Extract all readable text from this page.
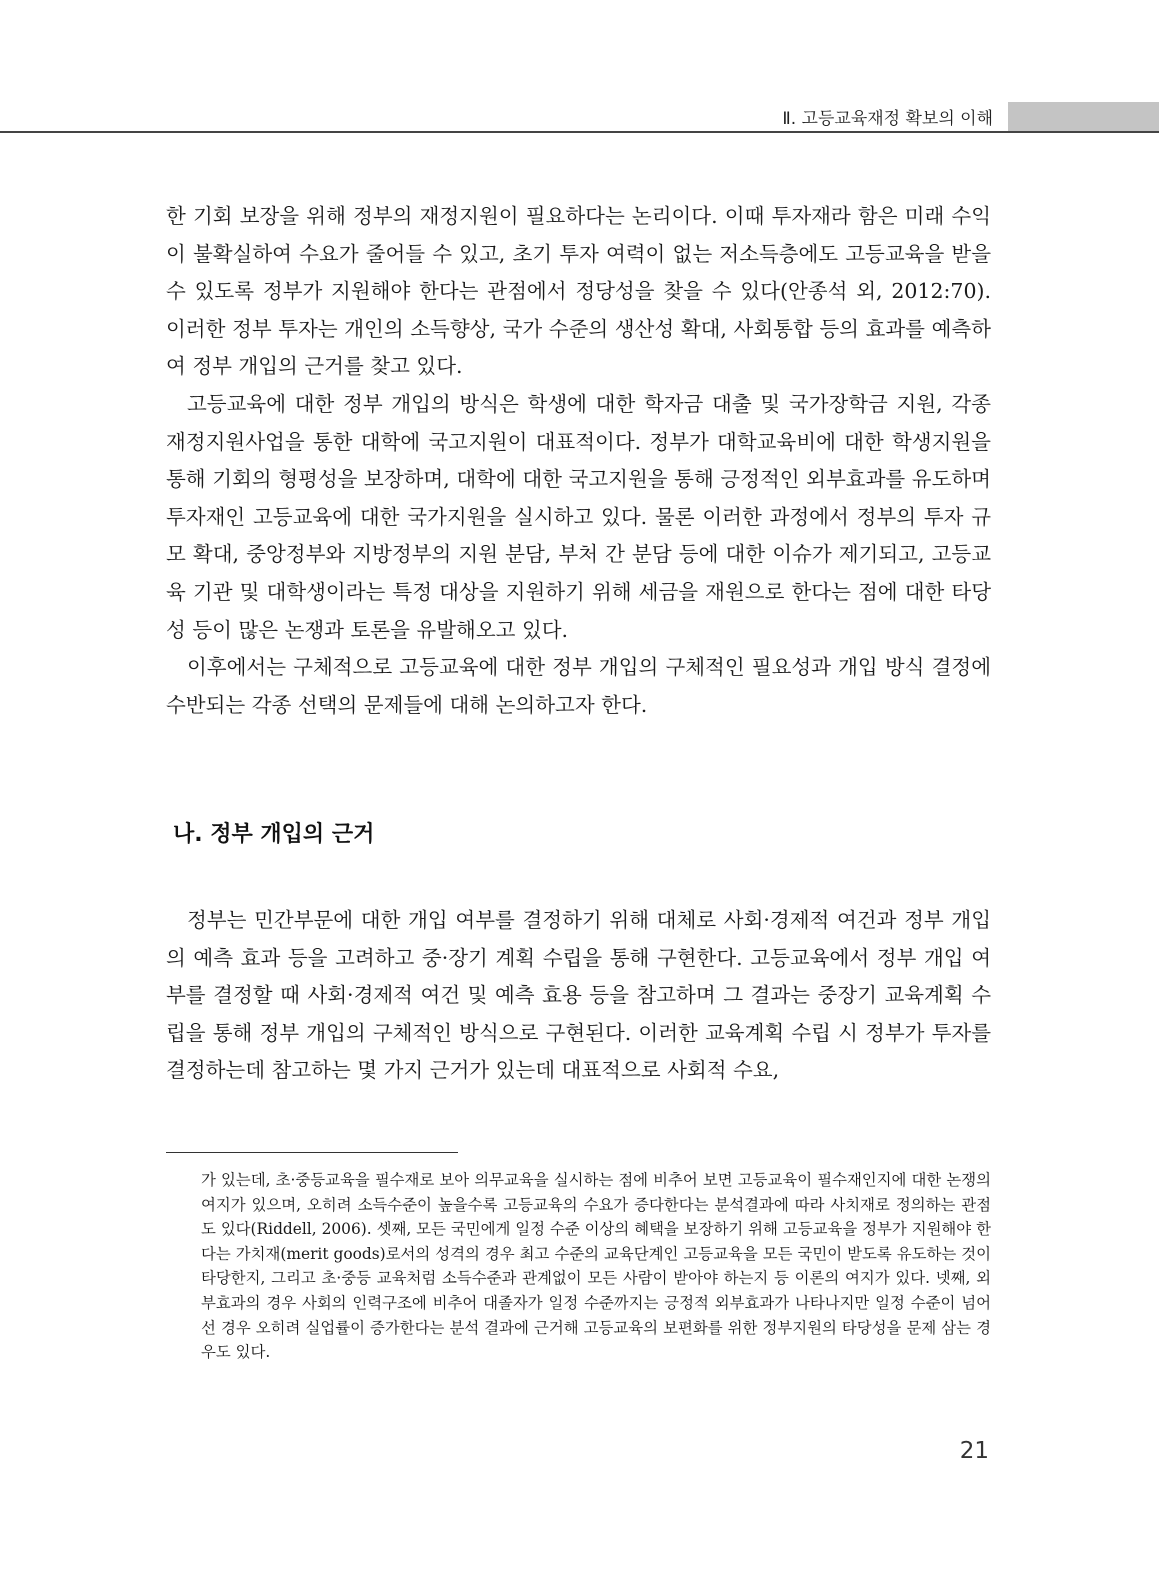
Ⅱ. 고등교육재정 확보의 이해

한 기회 보장을 위해 정부의 재정지원이 필요하다는 논리이다. 이때 투자재라 함은 미래 수익이 불확실하여 수요가 줄어들 수 있고, 초기 투자 여력이 없는 저소득층에도 고등교육을 받을 수 있도록 정부가 지원해야 한다는 관점에서 정당성을 찾을 수 있다(안종석 외, 2012:70). 이러한 정부 투자는 개인의 소득향상, 국가 수준의 생산성 확대, 사회통합 등의 효과를 예측하여 정부 개입의 근거를 찾고 있다.

고등교육에 대한 정부 개입의 방식은 학생에 대한 학자금 대출 및 국가장학금 지원, 각종 재정지원사업을 통한 대학에 국고지원이 대표적이다. 정부가 대학교육비에 대한 학생지원을 통해 기회의 형평성을 보장하며, 대학에 대한 국고지원을 통해 긍정적인 외부효과를 유도하며 투자재인 고등교육에 대한 국가지원을 실시하고 있다. 물론 이러한 과정에서 정부의 투자 규모 확대, 중앙정부와 지방정부의 지원 분담, 부처 간 분담 등에 대한 이슈가 제기되고, 고등교육 기관 및 대학생이라는 특정 대상을 지원하기 위해 세금을 재원으로 한다는 점에 대한 타당성 등이 많은 논쟁과 토론을 유발해오고 있다.

이후에서는 구체적으로 고등교육에 대한 정부 개입의 구체적인 필요성과 개입 방식 결정에 수반되는 각종 선택의 문제들에 대해 논의하고자 한다.

나. 정부 개입의 근거

정부는 민간부문에 대한 개입 여부를 결정하기 위해 대체로 사회·경제적 여건과 정부 개입의 예측 효과 등을 고려하고 중·장기 계획 수립을 통해 구현한다. 고등교육에서 정부 개입 여부를 결정할 때 사회·경제적 여건 및 예측 효용 등을 참고하며 그 결과는 중장기 교육계획 수립을 통해 정부 개입의 구체적인 방식으로 구현된다. 이러한 교육계획 수립 시 정부가 투자를 결정하는데 참고하는 몇 가지 근거가 있는데 대표적으로 사회적 수요,

가 있는데, 초·중등교육을 필수재로 보아 의무교육을 실시하는 점에 비추어 보면 고등교육이 필수재인지에 대한 논쟁의 여지가 있으며, 오히려 소득수준이 높을수록 고등교육의 수요가 증다한다는 분석결과에 따라 사치재로 정의하는 관점도 있다(Riddell, 2006). 셋째, 모든 국민에게 일정 수준 이상의 혜택을 보장하기 위해 고등교육을 정부가 지원해야 한다는 가치재(merit goods)로서의 성격의 경우 최고 수준의 교육단계인 고등교육을 모든 국민이 받도록 유도하는 것이 타당한지, 그리고 초·중등 교육처럼 소득수준과 관계없이 모든 사람이 받아야 하는지 등 이론의 여지가 있다. 넷째, 외부효과의 경우 사회의 인력구조에 비추어 대졸자가 일정 수준까지는 긍정적 외부효과가 나타나지만 일정 수준이 넘어선 경우 오히려 실업률이 증가한다는 분석 결과에 근거해 고등교육의 보편화를 위한 정부지원의 타당성을 문제 삼는 경우도 있다.

21
